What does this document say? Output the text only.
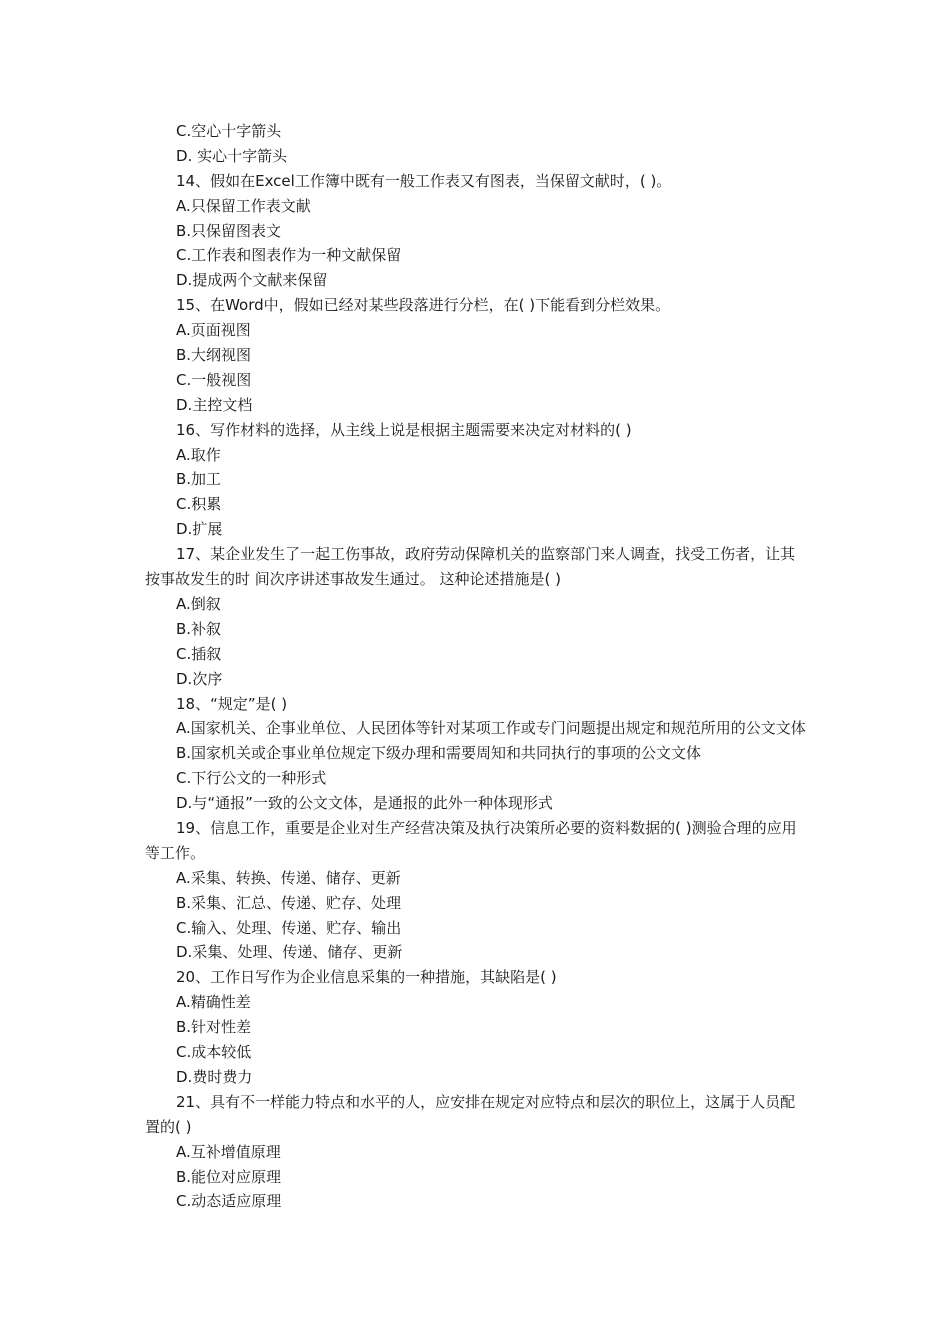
C.空心十字箭头
D. 实心十字箭头
14、假如在Excel工作簿中既有一般工作表又有图表，当保留文献时，( )。
A.只保留工作表文献
B.只保留图表文
C.工作表和图表作为一种文献保留
D.提成两个文献来保留
15、在Word中，假如已经对某些段落进行分栏，在( )下能看到分栏效果。
A.页面视图
B.大纲视图
C.一般视图
D.主控文档
16、写作材料的选择，从主线上说是根据主题需要来决定对材料的( )
A.取作
B.加工
C.积累
D.扩展
17、某企业发生了一起工伤事故，政府劳动保障机关的监察部门来人调查，找受工伤者，让其按事故发生的时 间次序讲述事故发生通过。 这种论述措施是( )
A.倒叙
B.补叙
C.插叙
D.次序
18、“规定”是( )
A.国家机关、企事业单位、人民团体等针对某项工作或专门问题提出规定和规范所用的公文文体
B.国家机关或企事业单位规定下级办理和需要周知和共同执行的事项的公文文体
C.下行公文的一种形式
D.与“通报”一致的公文文体，是通报的此外一种体现形式
19、信息工作，重要是企业对生产经营决策及执行决策所必要的资料数据的( )测验合理的应用等工作。
A.采集、转换、传递、储存、更新
B.采集、汇总、传递、贮存、处理
C.输入、处理、传递、贮存、输出
D.采集、处理、传递、储存、更新
20、工作日写作为企业信息采集的一种措施，其缺陷是( )
A.精确性差
B.针对性差
C.成本较低
D.费时费力
21、具有不一样能力特点和水平的人，应安排在规定对应特点和层次的职位上，这属于人员配置的( )
A.互补增值原理
B.能位对应原理
C.动态适应原理
